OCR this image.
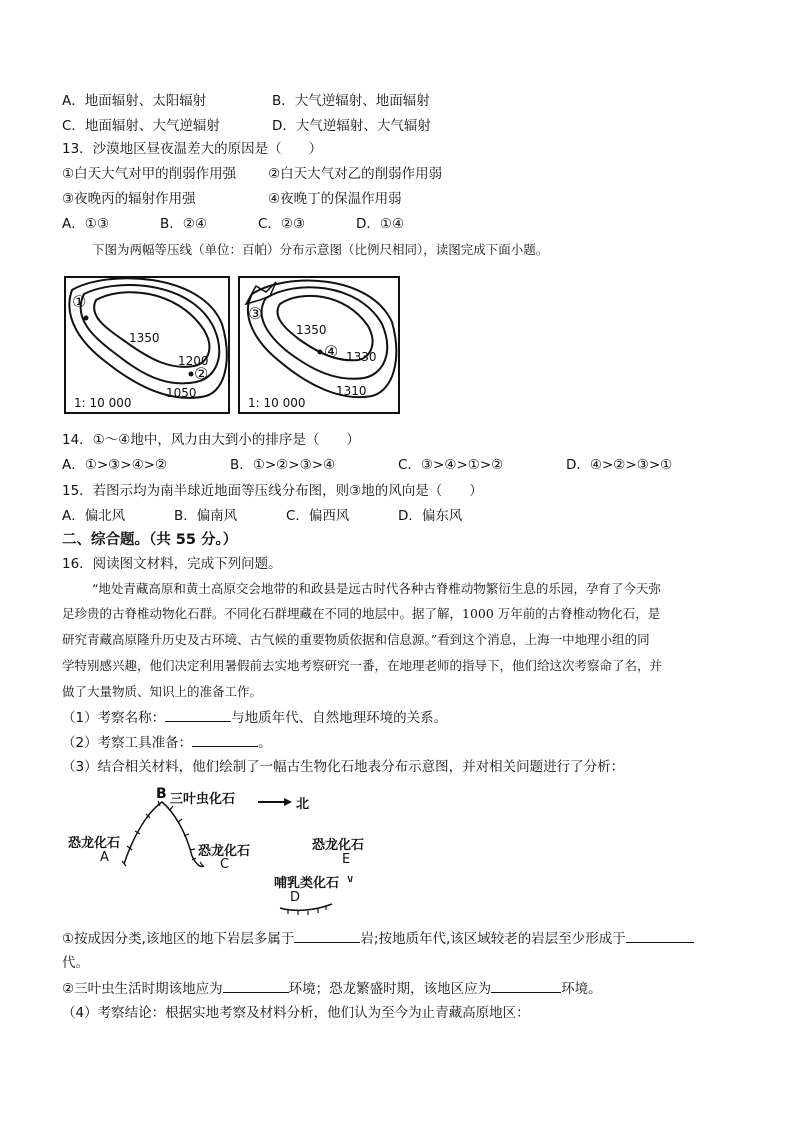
A．地面辐射、太阳辐射	B．大气逆辐射、地面辐射
C．地面辐射、大气逆辐射	D．大气逆辐射、大气辐射
13．沙漠地区昼夜温差大的原因是（　　）
①白天大气对甲的削弱作用强 ②白天大气对乙的削弱作用弱
③夜晚丙的辐射作用强	④夜晚丁的保温作用弱
A．①③	B．②④	C．②③	D．①④
下图为两幅等压线（单位：百帕）分布示意图（比例尺相同），读图完成下面小题。
①
1350
1200
②
1050
1: 10 000
③
1350
④ 1330
1310
1: 10 000
14．①～④地中，风力由大到小的排序是（　　）
A．①>③>④>②	B．①>②>③>④	C．③>④>①>②	D．④>②>③>①
15．若图示均为南半球近地面等压线分布图，则③地的风向是（　　）
A．偏北风	B．偏南风	C．偏西风	D．偏东风
二、综合题。（共 55 分。）
16．阅读图文材料，完成下列问题。
“地处青藏高原和黄土高原交会地带的和政县是远古时代各种古脊椎动物繁衍生息的乐园，孕育了今天弥
足珍贵的古脊椎动物化石群。不同化石群埋藏在不同的地层中。据了解，1000 万年前的古脊椎动物化石，是
研究青藏高原隆升历史及古环境、古气候的重要物质依据和信息源。”看到这个消息，上海一中地理小组的同
学特别感兴趣，他们决定利用暑假前去实地考察研究一番，在地理老师的指导下，他们给这次考察命了名，并
做了大量物质、知识上的准备工作。
（1）考察名称：	与地质年代、自然地理环境的关系。
（2）考察工具准备：	。
（3）结合相关材料，他们绘制了一幅古生物化石地表分布示意图，并对相关问题进行了分析：
B 三叶虫化石	北
恐龙化石
A	恐龙化石
C
恐龙化石
E
哺乳类化石
D
①按成因分类,该地区的地下岩层多属于	岩;按地质年代,该区域较老的岩层至少形成于
代。
②三叶虫生活时期该地应为	环境；恐龙繁盛时期，该地区应为	环境。
（4）考察结论：根据实地考察及材料分析，他们认为至今为止青藏高原地区：
